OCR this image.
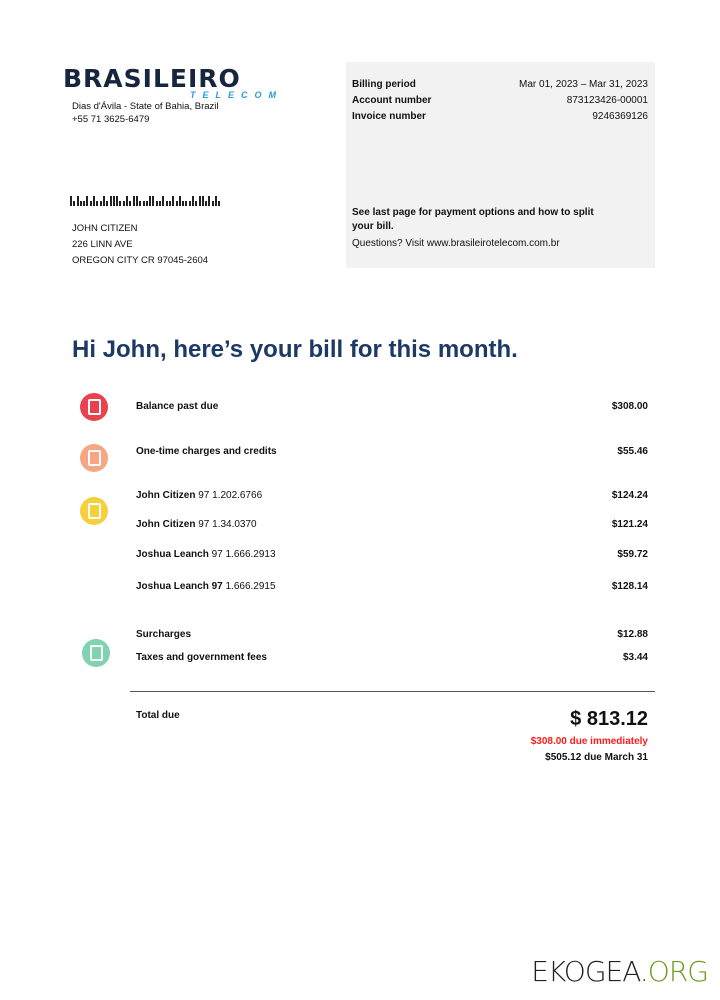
BRASILEIRO
TELECOM
Dias d'Ávila - State of Bahia, Brazil
+55 71 3625-6479
JOHN CITIZEN
226 LINN AVE
OREGON CITY CR 97045-2604
Billing period	Mar 01, 2023 – Mar 31, 2023
Account number	873123426-00001
Invoice number	9246369126
See last page for payment options and how to split your bill.
Questions? Visit www.brasileirotelecom.com.br
Hi John, here’s your bill for this month.
Balance past due	$308.00
One-time charges and credits	$55.46
John Citizen 97 1.202.6766	$124.24
John Citizen 97 1.34.0370	$121.24
Joshua Leanch 97 1.666.2913	$59.72
Joshua Leanch 97 1.666.2915	$128.14
Surcharges	$12.88
Taxes and government fees	$3.44
Total due	$ 813.12
$308.00 due immediately
$505.12 due March 31
EKOGEA.ORG
